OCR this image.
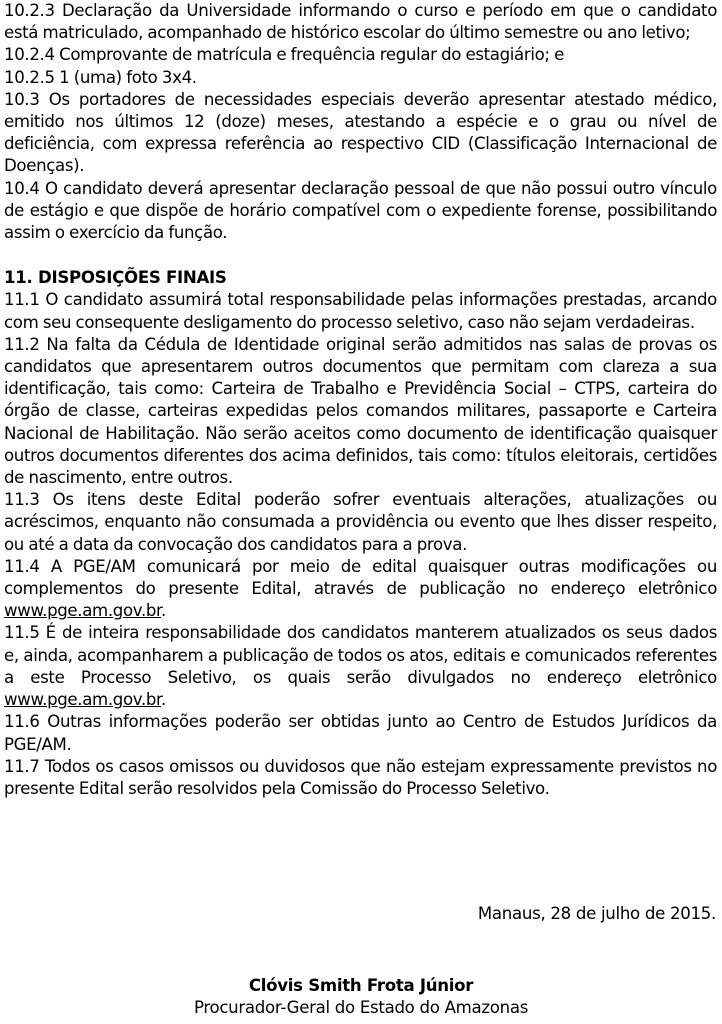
10.2.3 Declaração da Universidade informando o curso e período em que o candidato está matriculado, acompanhado de histórico escolar do último semestre ou ano letivo;

10.2.4 Comprovante de matrícula e frequência regular do estagiário; e

10.2.5 1 (uma) foto 3x4.

10.3 Os portadores de necessidades especiais deverão apresentar atestado médico, emitido nos últimos 12 (doze) meses, atestando a espécie e o grau ou nível de deficiência, com expressa referência ao respectivo CID (Classificação Internacional de Doenças).

10.4 O candidato deverá apresentar declaração pessoal de que não possui outro vínculo de estágio e que dispõe de horário compatível com o expediente forense, possibilitando assim o exercício da função.

11. DISPOSIÇÕES FINAIS

11.1 O candidato assumirá total responsabilidade pelas informações prestadas, arcando com seu consequente desligamento do processo seletivo, caso não sejam verdadeiras.

11.2 Na falta da Cédula de Identidade original serão admitidos nas salas de provas os candidatos que apresentarem outros documentos que permitam com clareza a sua identificação, tais como: Carteira de Trabalho e Previdência Social – CTPS, carteira do órgão de classe, carteiras expedidas pelos comandos militares, passaporte e Carteira Nacional de Habilitação. Não serão aceitos como documento de identificação quaisquer outros documentos diferentes dos acima definidos, tais como: títulos eleitorais, certidões de nascimento, entre outros.

11.3 Os itens deste Edital poderão sofrer eventuais alterações, atualizações ou acréscimos, enquanto não consumada a providência ou evento que lhes disser respeito, ou até a data da convocação dos candidatos para a prova.

11.4 A PGE/AM comunicará por meio de edital quaisquer outras modificações ou complementos do presente Edital, através de publicação no endereço eletrônico www.pge.am.gov.br.

11.5 É de inteira responsabilidade dos candidatos manterem atualizados os seus dados e, ainda, acompanharem a publicação de todos os atos, editais e comunicados referentes a este Processo Seletivo, os quais serão divulgados no endereço eletrônico www.pge.am.gov.br.

11.6 Outras informações poderão ser obtidas junto ao Centro de Estudos Jurídicos da PGE/AM.

11.7 Todos os casos omissos ou duvidosos que não estejam expressamente previstos no presente Edital serão resolvidos pela Comissão do Processo Seletivo.

Manaus, 28 de julho de 2015.
Clóvis Smith Frota Júnior
Procurador-Geral do Estado do Amazonas
